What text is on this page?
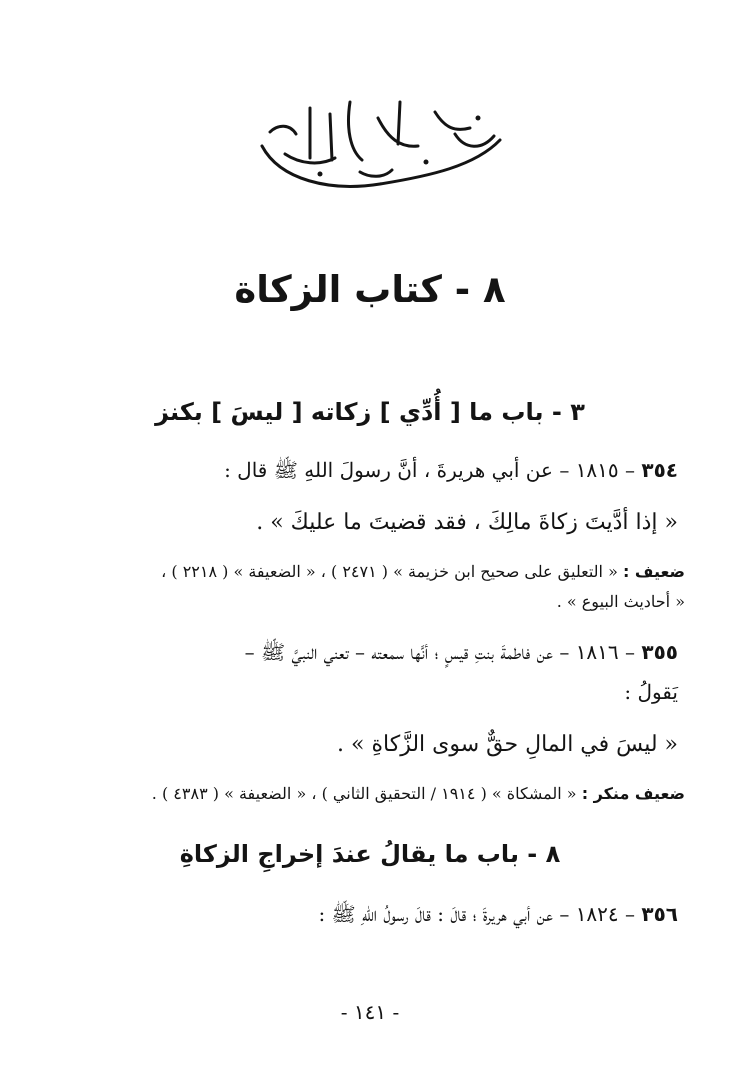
بسم الله الرحمن الرحيم
٨ - كتاب الزكاة
٣ - باب ما [ أُدِّي ] زكاته [ ليسَ ] بكنز
٣٥٤ – ١٨١٥ – عن أبي هريرةَ ، أنَّ رسولَ اللهِ ﷺ قال :
« إذا أدَّيتَ زكاةَ مالِكَ ، فقد قضيتَ ما عليكَ » .
ضعيف : « التعليق على صحيح ابن خزيمة » ( ٢٤٧١ ) ، « الضعيفة » ( ٢٢١٨ ) ،
« أحاديث البيوع » .
٣٥٥ – ١٨١٦ – عن فاطمةَ بنتِ قيسٍ ؛ أنَّها سمعته – تعني النبيَّ ﷺ –
يَقولُ :
« ليسَ في المالِ حقٌّ سوى الزَّكاةِ » .
ضعيف منكر : « المشكاة » ( ١٩١٤ / التحقيق الثاني ) ، « الضعيفة » ( ٤٣٨٣ ) .
٨ - باب ما يقالُ عندَ إخراجِ الزكاةِ
٣٥٦ – ١٨٢٤ – عن أبي هريرةَ ؛ قالَ : قالَ رسولُ اللهِ ﷺ :
- ١٤١ -
